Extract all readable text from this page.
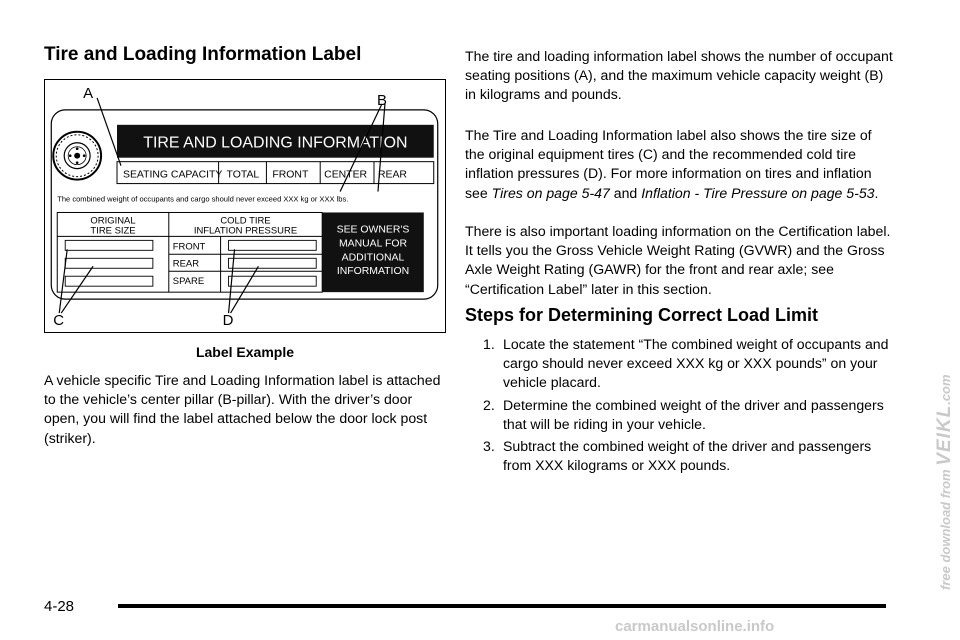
Tire and Loading Information Label
TIRE AND LOADING INFORMATION
SEATING CAPACITY TOTAL FRONT CENTER REAR
The combined weight of occupants and cargo should never exceed XXX kg or XXX lbs.
ORIGINAL
TIRE SIZE
COLD TIRE
INFLATION PRESSURE
FRONT
REAR
SPARE
SEE OWNER'S
MANUAL FOR
ADDITIONAL
INFORMATION
A	B
C	D
Label Example

A vehicle specific Tire and Loading Information label is attached to the vehicle’s center pillar (B-pillar). With the driver’s door open, you will find the label attached below the door lock post (striker).

The tire and loading information label shows the number of occupant seating positions (A), and the maximum vehicle capacity weight (B) in kilograms and pounds.

The Tire and Loading Information label also shows the tire size of the original equipment tires (C) and the recommended cold tire inflation pressures (D). For more information on tires and inflation see Tires on page 5-47 and Inflation - Tire Pressure on page 5-53.

There is also important loading information on the Certification label. It tells you the Gross Vehicle Weight Rating (GVWR) and the Gross Axle Weight Rating (GAWR) for the front and rear axle; see “Certification Label” later in this section.

Steps for Determining Correct Load Limit
1. Locate the statement “The combined weight of occupants and cargo should never exceed XXX kg or XXX pounds” on your vehicle placard.
2. Determine the combined weight of the driver and passengers that will be riding in your vehicle.
3. Subtract the combined weight of the driver and passengers from XXX kilograms or XXX pounds.
4-28
free download from VEIKL.com
carmanualsonline.info
